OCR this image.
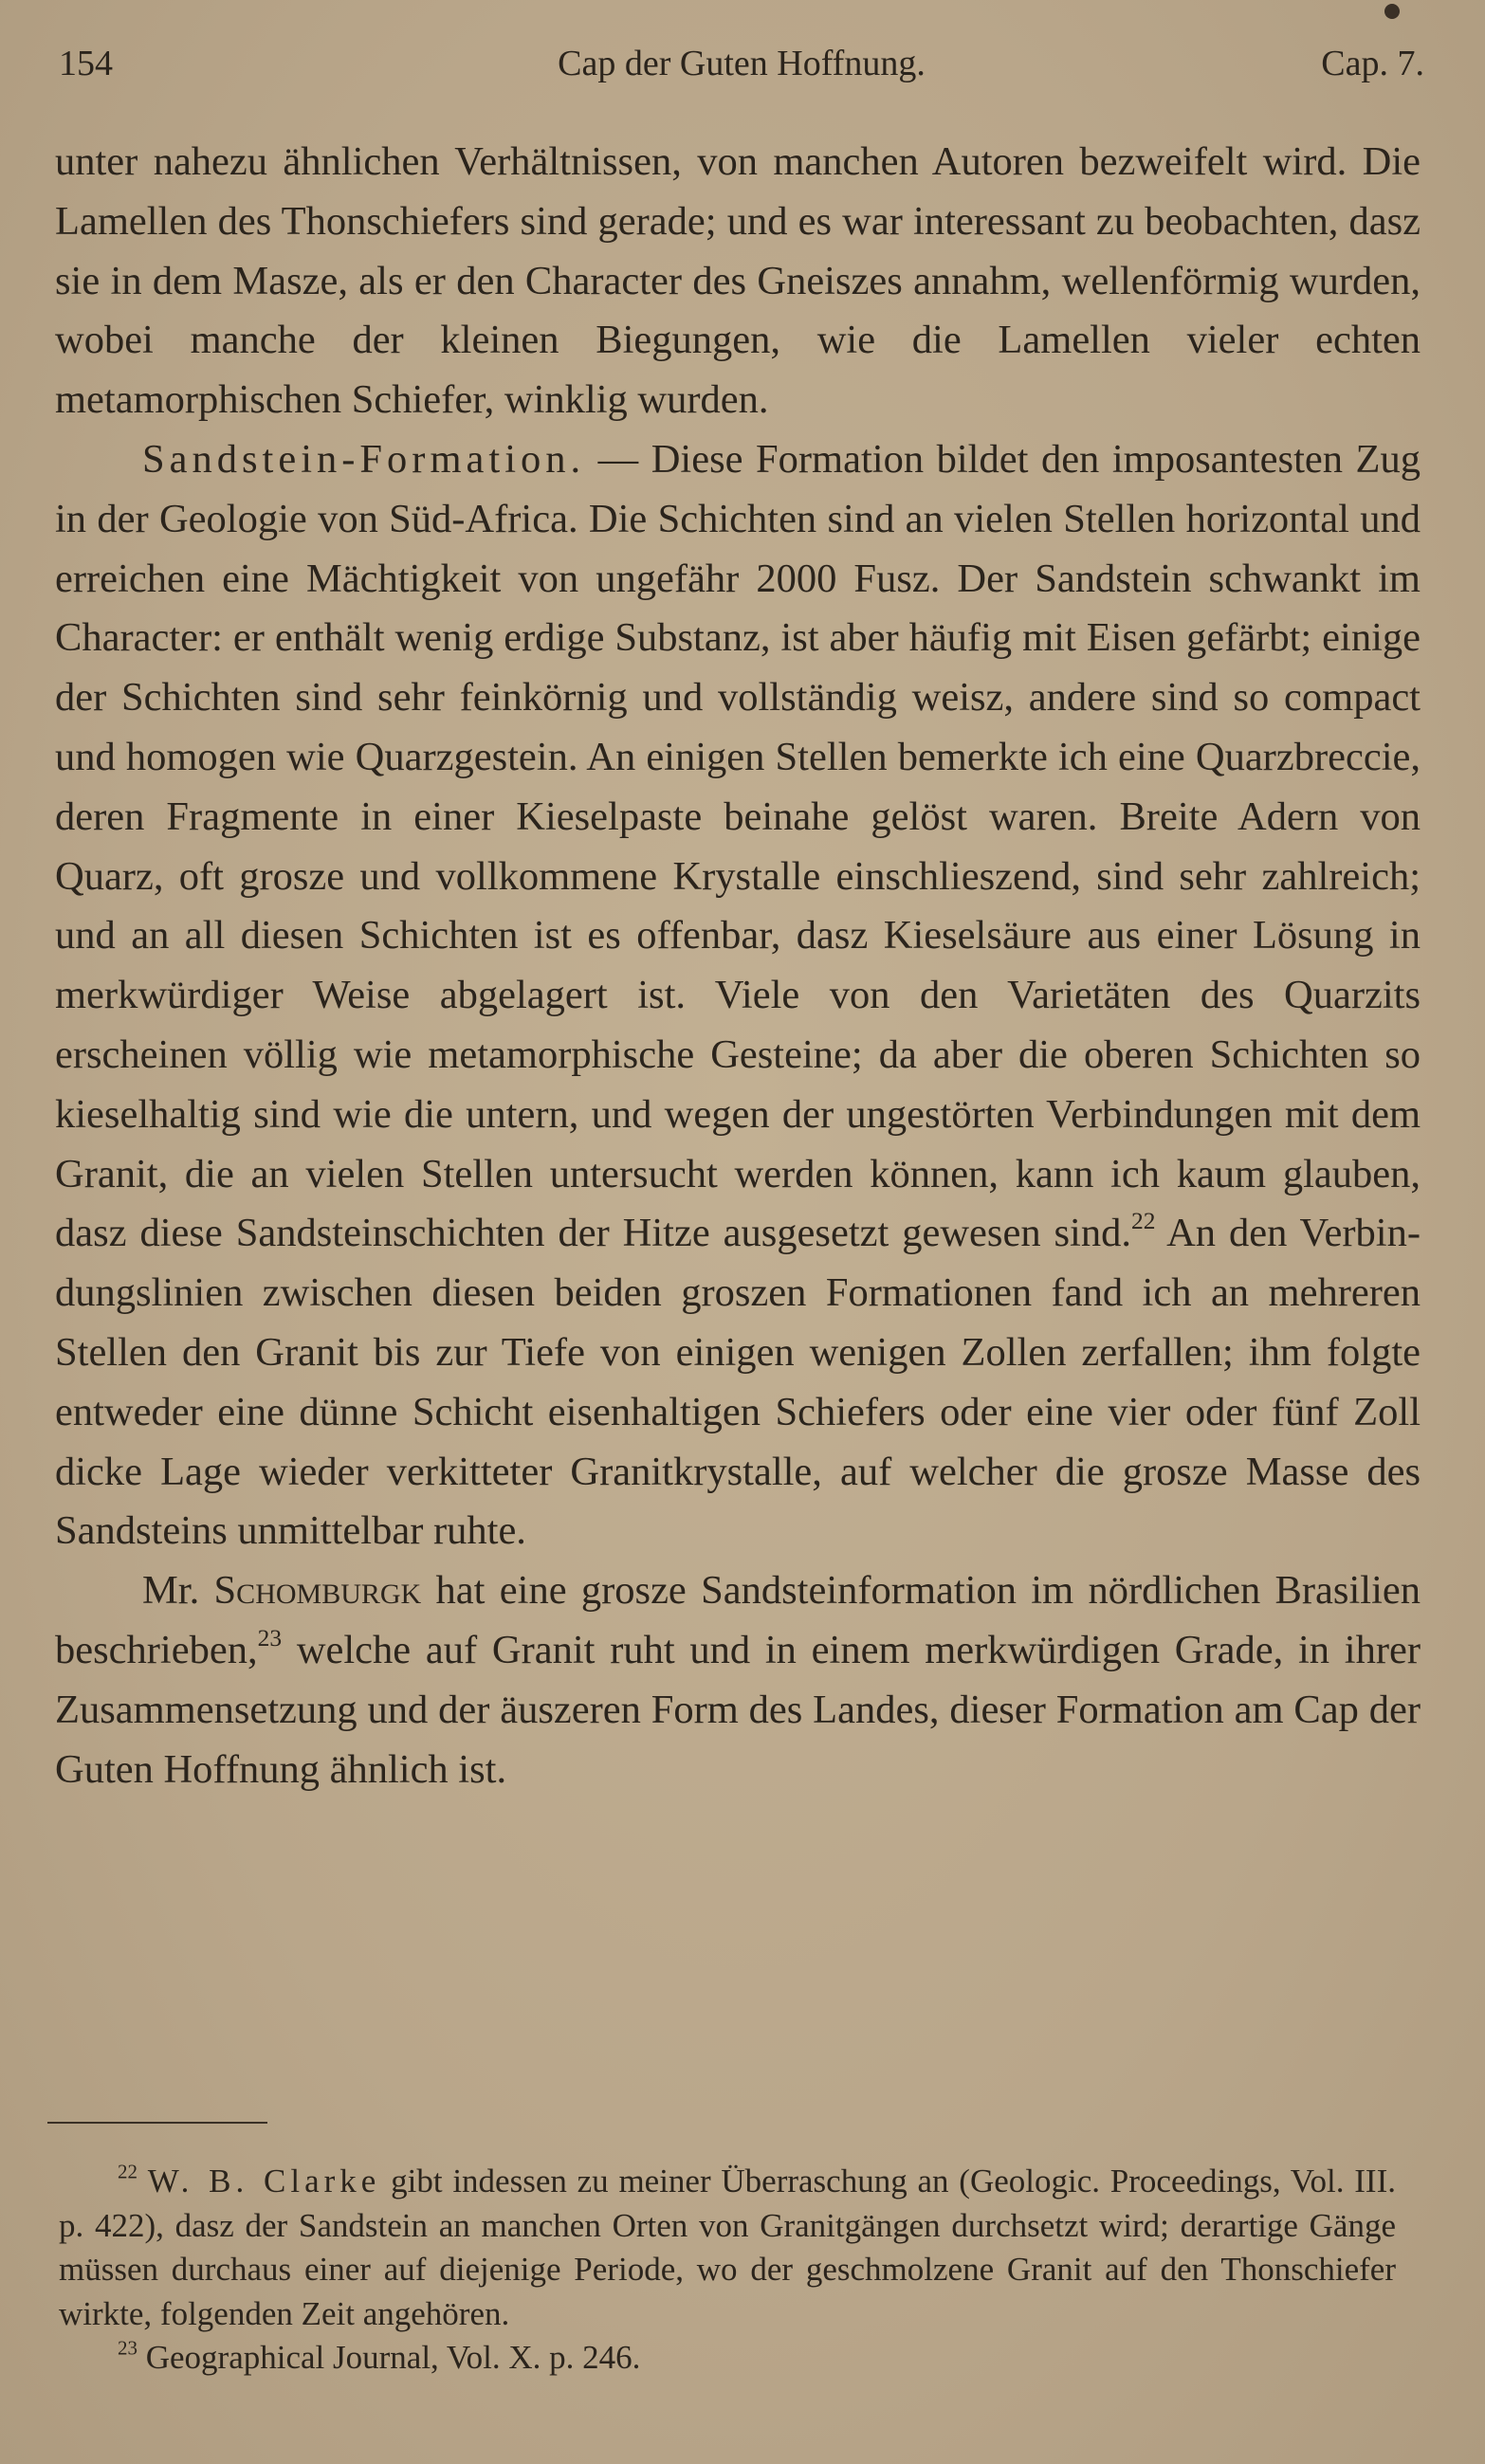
154	Cap der Guten Hoffnung.	Cap. 7.

unter nahezu ähnlichen Verhältnissen, von manchen Autoren bezweifelt wird. Die Lamellen des Thonschiefers sind gerade; und es war interessant zu beobachten, dasz sie in dem Masze, als er den Character des Gneiszes annahm, wellenförmig wurden, wobei manche der kleinen Biegungen, wie die Lamellen vieler echten metamorphischen Schiefer, winklig wurden.

Sandstein-Formation. — Diese Formation bildet den imposantesten Zug in der Geologie von Süd-Africa. Die Schichten sind an vielen Stellen horizontal und erreichen eine Mächtigkeit von ungefähr 2000 Fusz. Der Sandstein schwankt im Character: er enthält wenig erdige Substanz, ist aber häufig mit Eisen gefärbt; einige der Schichten sind sehr feinkörnig und vollständig weisz, andere sind so compact und homogen wie Quarzgestein. An einigen Stellen bemerkte ich eine Quarzbreccie, deren Fragmente in einer Kieselpaste beinahe gelöst waren. Breite Adern von Quarz, oft grosze und vollkommene Krystalle einschlieszend, sind sehr zahlreich; und an all diesen Schichten ist es offenbar, dasz Kieselsäure aus einer Lösung in merkwürdiger Weise abgelagert ist. Viele von den Varietäten des Quarzits erscheinen völlig wie metamorphische Gesteine; da aber die oberen Schichten so kieselhaltig sind wie die untern, und wegen der ungestörten Verbindungen mit dem Granit, die an vielen Stellen untersucht werden können, kann ich kaum glauben, dasz diese Sandsteinschichten der Hitze ausgesetzt gewesen sind.$^{22}$ An den Verbindungslinien zwischen diesen beiden groszen Formationen fand ich an mehreren Stellen den Granit bis zur Tiefe von einigen wenigen Zollen zerfallen; ihm folgte entweder eine dünne Schicht eisenhaltigen Schiefers oder eine vier oder fünf Zoll dicke Lage wieder verkitteter Granitkrystalle, auf welcher die grosze Masse des Sandsteins unmittelbar ruhte.

Mr. Schomburgk hat eine grosze Sandsteinformation im nördlichen Brasilien beschrieben,$^{23}$ welche auf Granit ruht und in einem merkwürdigen Grade, in ihrer Zusammensetzung und der äuszeren Form des Landes, dieser Formation am Cap der Guten Hoffnung ähnlich ist.

$^{22}$ W. B. Clarke gibt indessen zu meiner Überraschung an (Geologic. Proceedings, Vol. III. p. 422), dasz der Sandstein an manchen Orten von Granitgängen durchsetzt wird; derartige Gänge müssen durchaus einer auf diejenige Periode, wo der geschmolzene Granit auf den Thonschiefer wirkte, folgenden Zeit angehören.

$^{23}$ Geographical Journal, Vol. X. p. 246.
